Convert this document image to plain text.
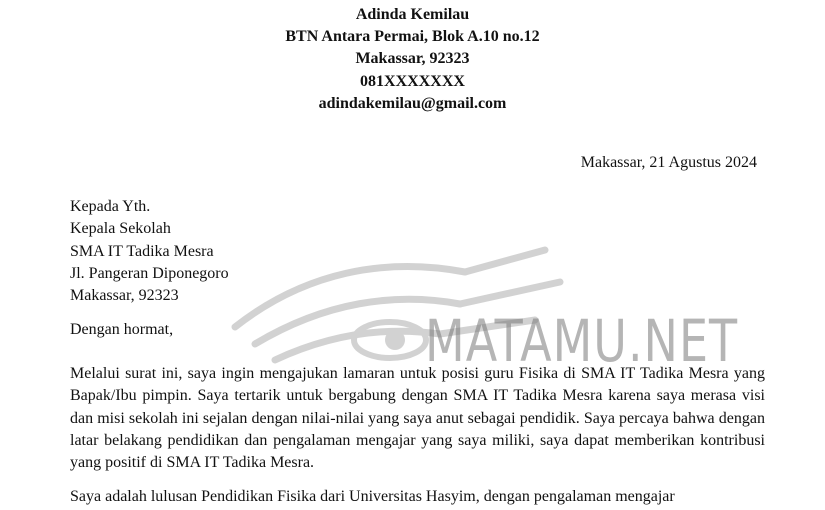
Adinda Kemilau
BTN Antara Permai, Blok A.10 no.12
Makassar, 92323
081XXXXXXX
adindakemilau@gmail.com
Makassar, 21 Agustus 2024
Kepada Yth.
Kepala Sekolah
SMA IT Tadika Mesra
Jl. Pangeran Diponegoro
Makassar, 92323
MATAMU.NET
Dengan hormat,
Melalui surat ini, saya ingin mengajukan lamaran untuk posisi guru Fisika di SMA IT Tadika Mesra yang Bapak/Ibu pimpin. Saya tertarik untuk bergabung dengan SMA IT Tadika Mesra karena saya merasa visi dan misi sekolah ini sejalan dengan nilai-nilai yang saya anut sebagai pendidik. Saya percaya bahwa dengan latar belakang pendidikan dan pengalaman mengajar yang saya miliki, saya dapat memberikan kontribusi yang positif di SMA IT Tadika Mesra.
Saya adalah lulusan Pendidikan Fisika dari Universitas Hasyim, dengan pengalaman mengajar
